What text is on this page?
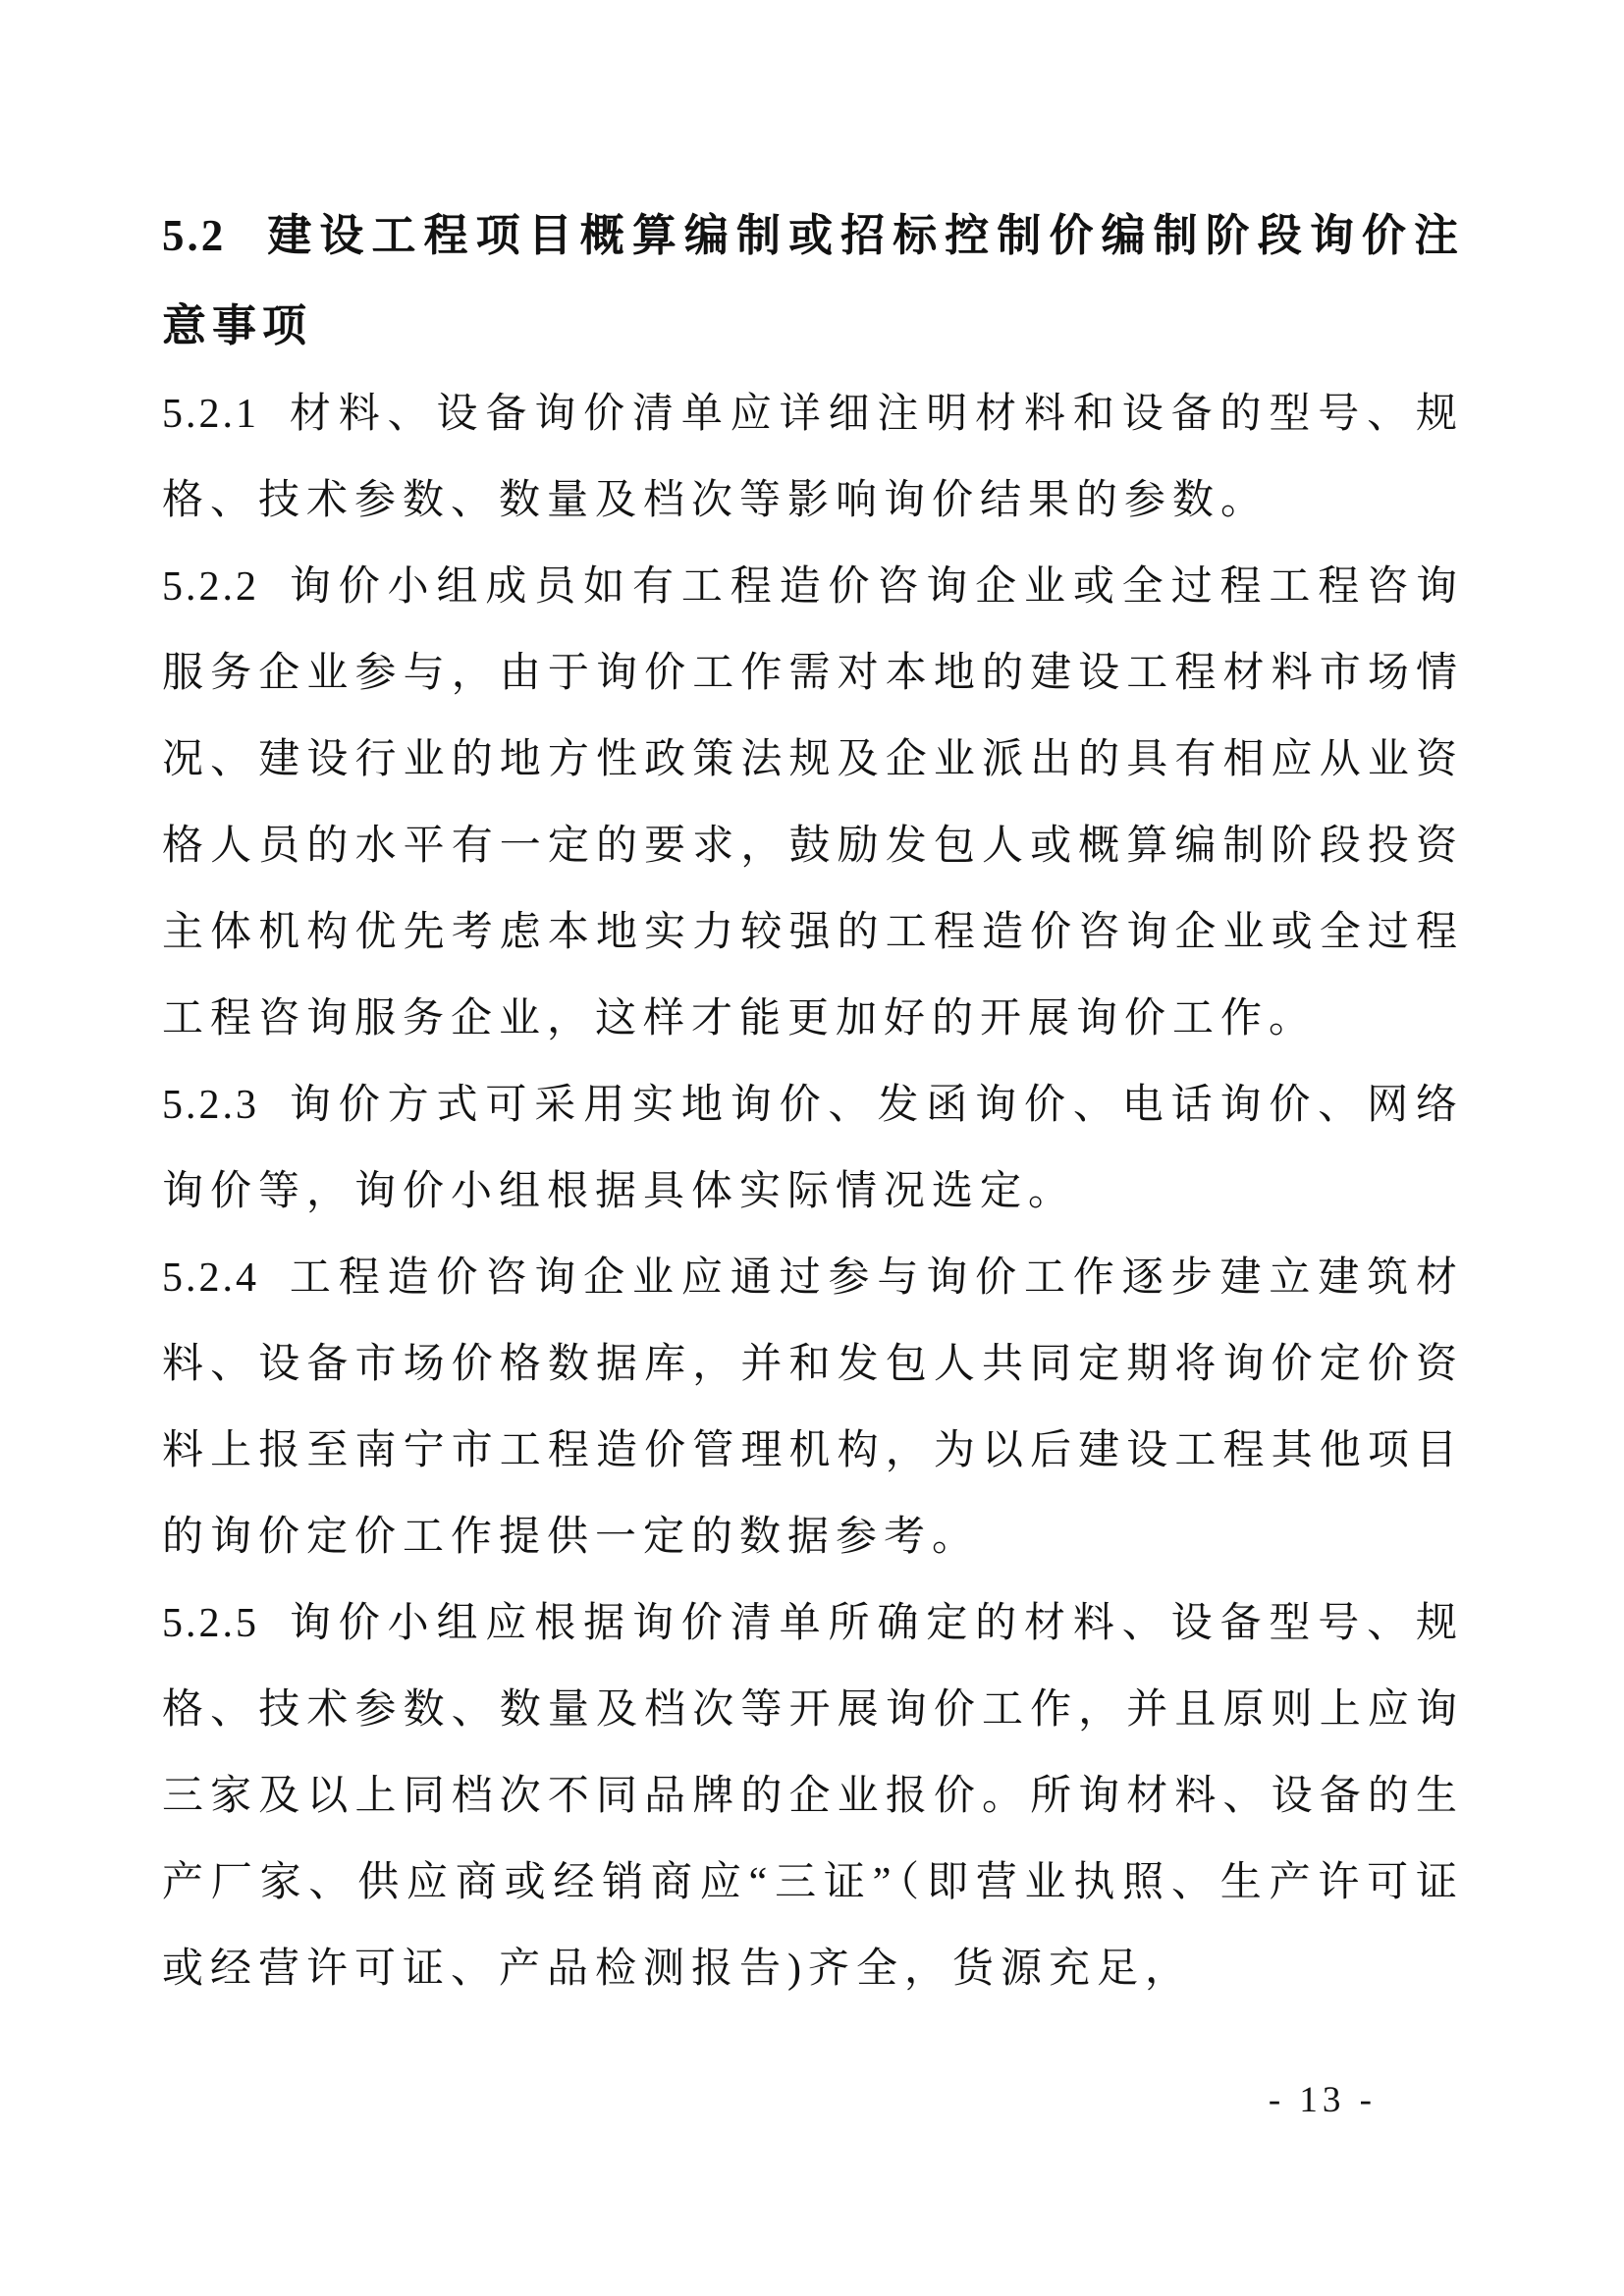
5.2 建设工程项目概算编制或招标控制价编制阶段询价注意事项

5.2.1 材料、设备询价清单应详细注明材料和设备的型号、规格、技术参数、数量及档次等影响询价结果的参数。

5.2.2 询价小组成员如有工程造价咨询企业或全过程工程咨询服务企业参与，由于询价工作需对本地的建设工程材料市场情况、建设行业的地方性政策法规及企业派出的具有相应从业资格人员的水平有一定的要求，鼓励发包人或概算编制阶段投资主体机构优先考虑本地实力较强的工程造价咨询企业或全过程工程咨询服务企业，这样才能更加好的开展询价工作。

5.2.3 询价方式可采用实地询价、发函询价、电话询价、网络询价等，询价小组根据具体实际情况选定。

5.2.4 工程造价咨询企业应通过参与询价工作逐步建立建筑材料、设备市场价格数据库，并和发包人共同定期将询价定价资料上报至南宁市工程造价管理机构，为以后建设工程其他项目的询价定价工作提供一定的数据参考。

5.2.5 询价小组应根据询价清单所确定的材料、设备型号、规格、技术参数、数量及档次等开展询价工作，并且原则上应询三家及以上同档次不同品牌的企业报价。所询材料、设备的生产厂家、供应商或经销商应“三证”（即营业执照、生产许可证或经营许可证、产品检测报告)齐全，货源充足，

- 13 -
